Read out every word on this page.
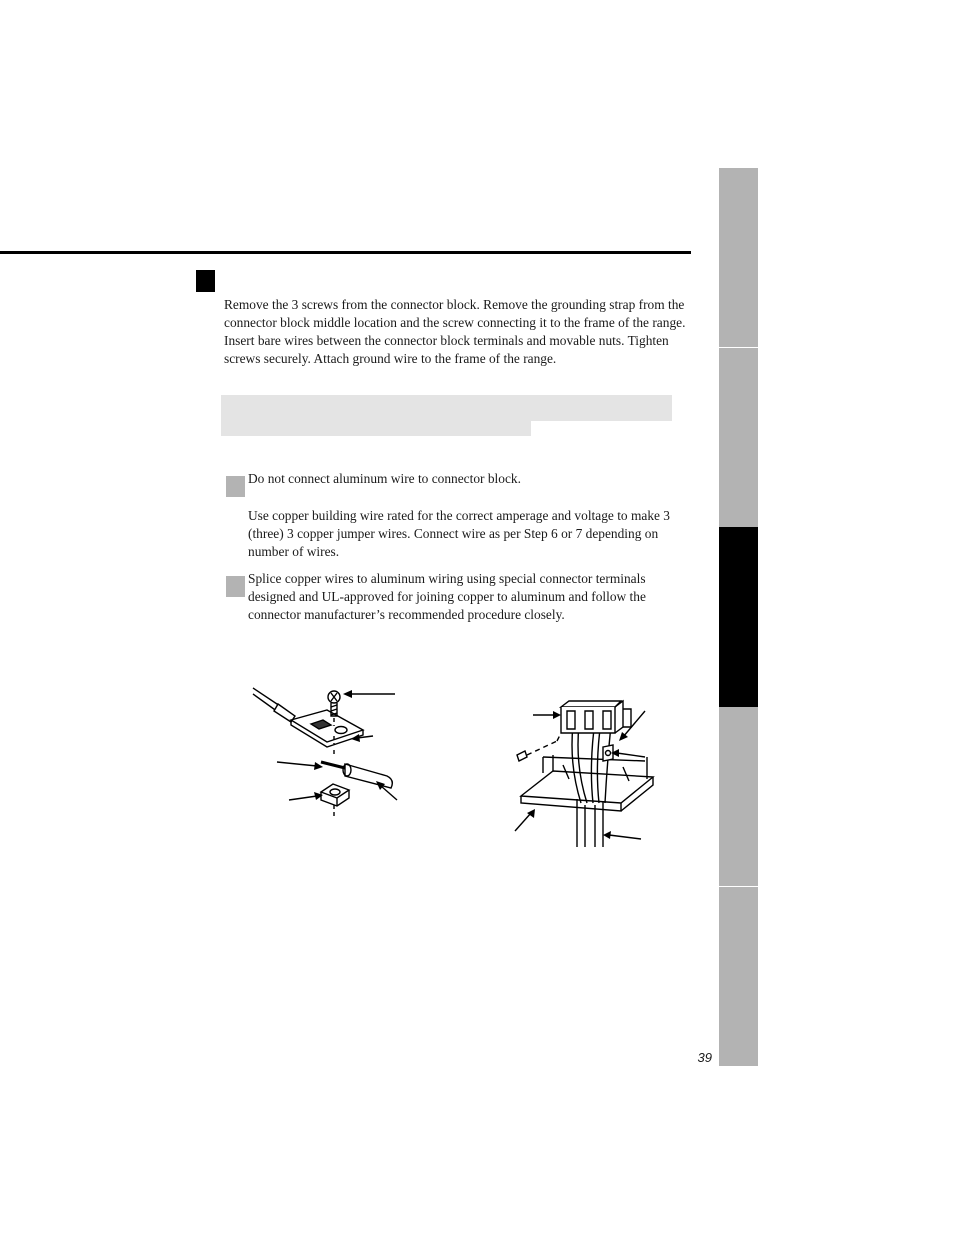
Remove the 3 screws from the connector block. Remove the grounding strap from the connector block middle location and the screw connecting it to the frame of the range. Insert bare wires between the connector block terminals and movable nuts. Tighten screws securely. Attach ground wire to the frame of the range.

Do not connect aluminum wire to connector block.

Use copper building wire rated for the correct amperage and voltage to make 3 (three) 3 copper jumper wires. Connect wire as per Step 6 or 7 depending on number of wires.

Splice copper wires to aluminum wiring using special connector terminals designed and UL-approved for joining copper to aluminum and follow the connector manufacturer’s recommended procedure closely.

39
